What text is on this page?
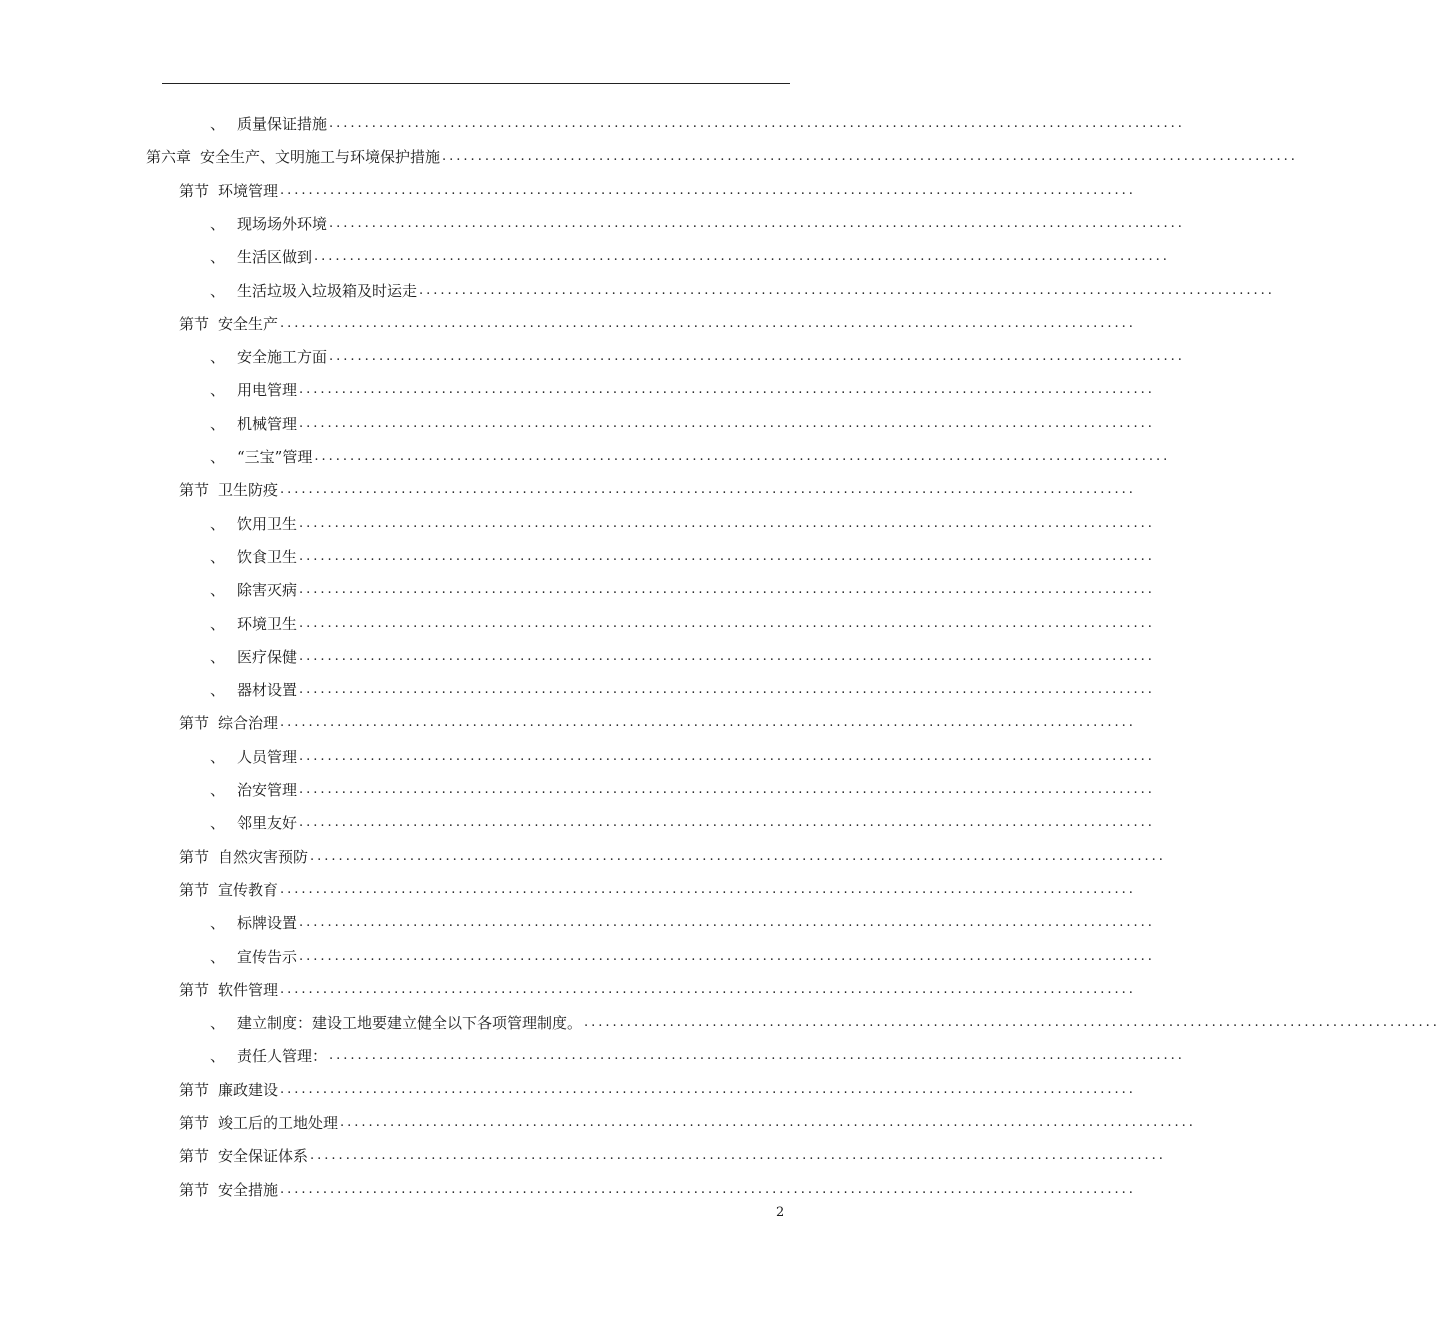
、 质量保证措施 ........................................................................................................................
第六章 安全生产、文明施工与环境保护措施 ........................................................................................................................
第节 环境管理 ........................................................................................................................
、 现场场外环境 ........................................................................................................................
、 生活区做到 ........................................................................................................................
、 生活垃圾入垃圾箱及时运走 ........................................................................................................................
第节 安全生产 ........................................................................................................................
、 安全施工方面 ........................................................................................................................
、 用电管理 ........................................................................................................................
、 机械管理 ........................................................................................................................
、 “三宝”管理 ........................................................................................................................
第节 卫生防疫 ........................................................................................................................
、 饮用卫生 ........................................................................................................................
、 饮食卫生 ........................................................................................................................
、 除害灭病 ........................................................................................................................
、 环境卫生 ........................................................................................................................
、 医疗保健 ........................................................................................................................
、 器材设置 ........................................................................................................................
第节 综合治理 ........................................................................................................................
、 人员管理 ........................................................................................................................
、 治安管理 ........................................................................................................................
、 邻里友好 ........................................................................................................................
第节 自然灾害预防 ........................................................................................................................
第节 宣传教育 ........................................................................................................................
、 标牌设置 ........................................................................................................................
、 宣传告示 ........................................................................................................................
第节 软件管理 ........................................................................................................................
、 建立制度：建设工地要建立健全以下各项管理制度。 ........................................................................................................................
、 责任人管理： ........................................................................................................................
第节 廉政建设 ........................................................................................................................
第节 竣工后的工地处理 ........................................................................................................................
第节 安全保证体系 ........................................................................................................................
第节 安全措施 ........................................................................................................................
2
